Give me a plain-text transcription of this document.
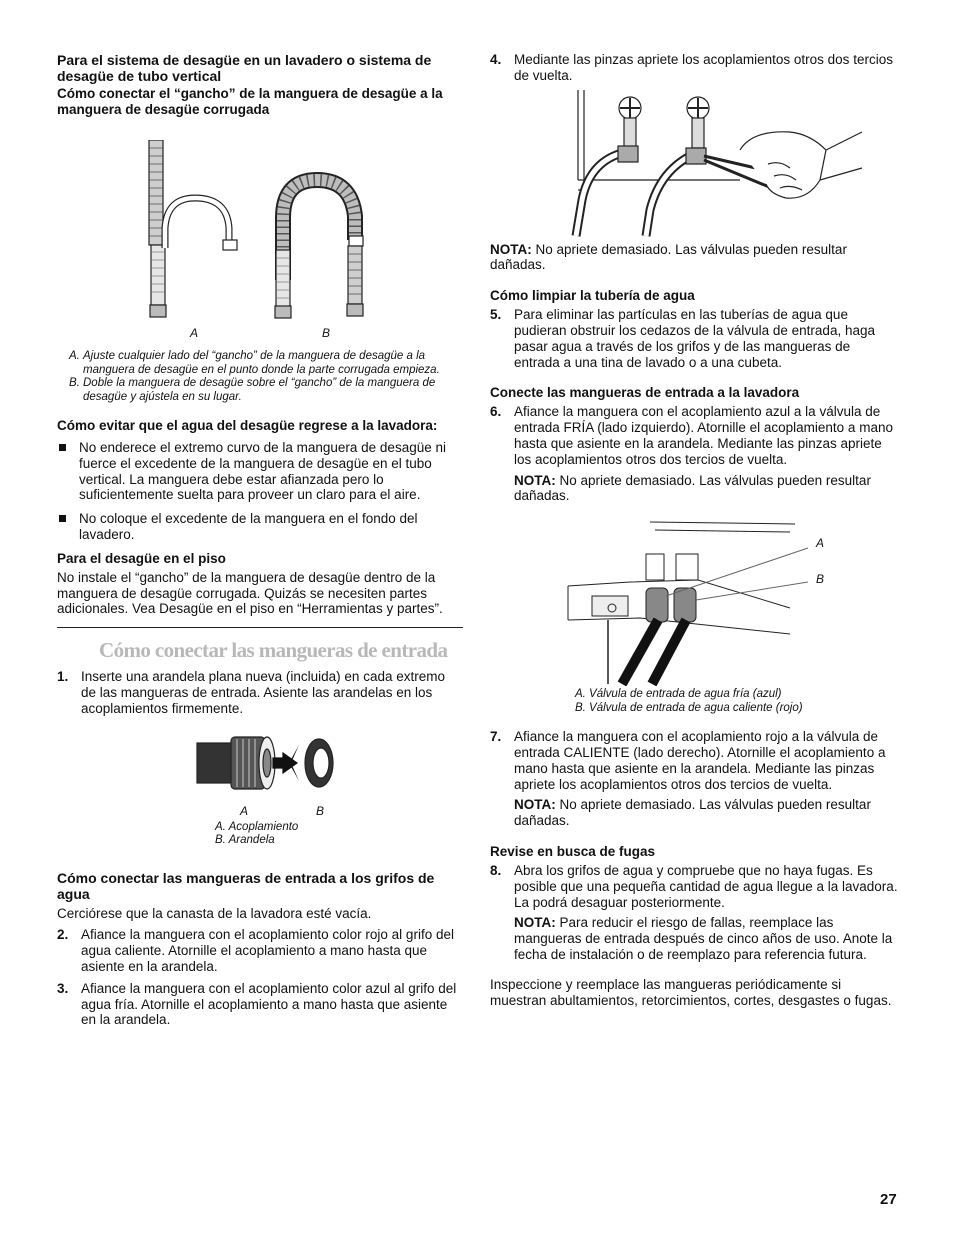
Para el sistema de desagüe en un lavadero o sistema de desagüe de tubo vertical
Cómo conectar el “gancho” de la manguera de desagüe a la manguera de desagüe corrugada
A	B
A. Ajuste cualquier lado del “gancho” de la manguera de desagüe a la manguera de desagüe en el punto donde la parte corrugada empieza.
B. Doble la manguera de desagüe sobre el “gancho” de la manguera de desagüe y ajústela en su lugar.
Cómo evitar que el agua del desagüe regrese a la lavadora:
No enderece el extremo curvo de la manguera de desagüe ni fuerce el excedente de la manguera de desagüe en el tubo vertical. La manguera debe estar afianzada pero lo suficientemente suelta para proveer un claro para el aire.
No coloque el excedente de la manguera en el fondo del lavadero.
Para el desagüe en el piso

No instale el “gancho” de la manguera de desagüe dentro de la manguera de desagüe corrugada. Quizás se necesiten partes adicionales. Vea Desagüe en el piso en “Herramientas y partes”.

Cómo conectar las mangueras de entrada
1. Inserte una arandela plana nueva (incluida) en cada extremo de las mangueras de entrada. Asiente las arandelas en los acoplamientos firmemente.
A	B
A. Acoplamiento
B. Arandela
Cómo conectar las mangueras de entrada a los grifos de agua

Cerciórese que la canasta de la lavadora esté vacía.

2. Afiance la manguera con el acoplamiento color rojo al grifo del agua caliente. Atornille el acoplamiento a mano hasta que asiente en la arandela.
3. Afiance la manguera con el acoplamiento color azul al grifo del agua fría. Atornille el acoplamiento a mano hasta que asiente en la arandela.
4. Mediante las pinzas apriete los acoplamientos otros dos tercios de vuelta.

NOTA: No apriete demasiado. Las válvulas pueden resultar dañadas.

Cómo limpiar la tubería de agua
5. Para eliminar las partículas en las tuberías de agua que pudieran obstruir los cedazos de la válvula de entrada, haga pasar agua a través de los grifos y de las mangueras de entrada a una tina de lavado o a una cubeta.
Conecte las mangueras de entrada a la lavadora
6. Afiance la manguera con el acoplamiento azul a la válvula de entrada FRÍA (lado izquierdo). Atornille el acoplamiento a mano hasta que asiente en la arandela. Mediante las pinzas apriete los acoplamientos otros dos tercios de vuelta.

NOTA: No apriete demasiado. Las válvulas pueden resultar dañadas.

A
B
A. Válvula de entrada de agua fría (azul)
B. Válvula de entrada de agua caliente (rojo)
7. Afiance la manguera con el acoplamiento rojo a la válvula de entrada CALIENTE (lado derecho). Atornille el acoplamiento a mano hasta que asiente en la arandela. Mediante las pinzas apriete los acoplamientos otros dos tercios de vuelta.

NOTA: No apriete demasiado. Las válvulas pueden resultar dañadas.

Revise en busca de fugas
8. Abra los grifos de agua y compruebe que no haya fugas. Es posible que una pequeña cantidad de agua llegue a la lavadora. La podrá desaguar posteriormente.

NOTA: Para reducir el riesgo de fallas, reemplace las mangueras de entrada después de cinco años de uso. Anote la fecha de instalación o de reemplazo para referencia futura.

Inspeccione y reemplace las mangueras periódicamente si muestran abultamientos, retorcimientos, cortes, desgastes o fugas.

27
